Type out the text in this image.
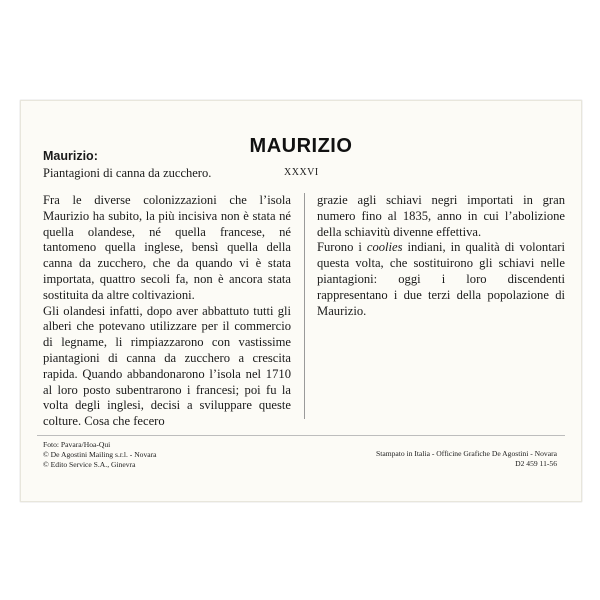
MAURIZIO
Maurizio:
Piantagioni di canna da zucchero.	XXXVI

Fra le diverse colonizzazioni che l’isola Maurizio ha subito, la più incisiva non è stata né quella olandese, né quella francese, né tantomeno quella inglese, bensì quella della canna da zucchero, che da quando vi è stata importata, quattro secoli fa, non è ancora stata sostituita da altre coltivazioni.

Gli olandesi infatti, dopo aver abbattuto tutti gli alberi che potevano utilizzare per il commercio di legname, li rimpiazzarono con vastissime piantagioni di canna da zucchero a crescita rapida. Quando abbandonarono l’isola nel 1710 al loro posto subentrarono i francesi; poi fu la volta degli inglesi, decisi a sviluppare queste colture. Cosa che fecero

grazie agli schiavi negri importati in gran numero fino al 1835, anno in cui l’abolizione della schiavitù divenne effettiva.

Furono i coolies indiani, in qualità di volontari questa volta, che sostituirono gli schiavi nelle piantagioni: oggi i loro discendenti rappresentano i due terzi della popolazione di Maurizio.

Foto: Pavara/Hoa-Qui
© De Agostini Mailing s.r.l. - Novara
© Edito Service S.A., Ginevra
Stampato in Italia - Officine Grafiche De Agostini - Novara
D2 459 11-56
